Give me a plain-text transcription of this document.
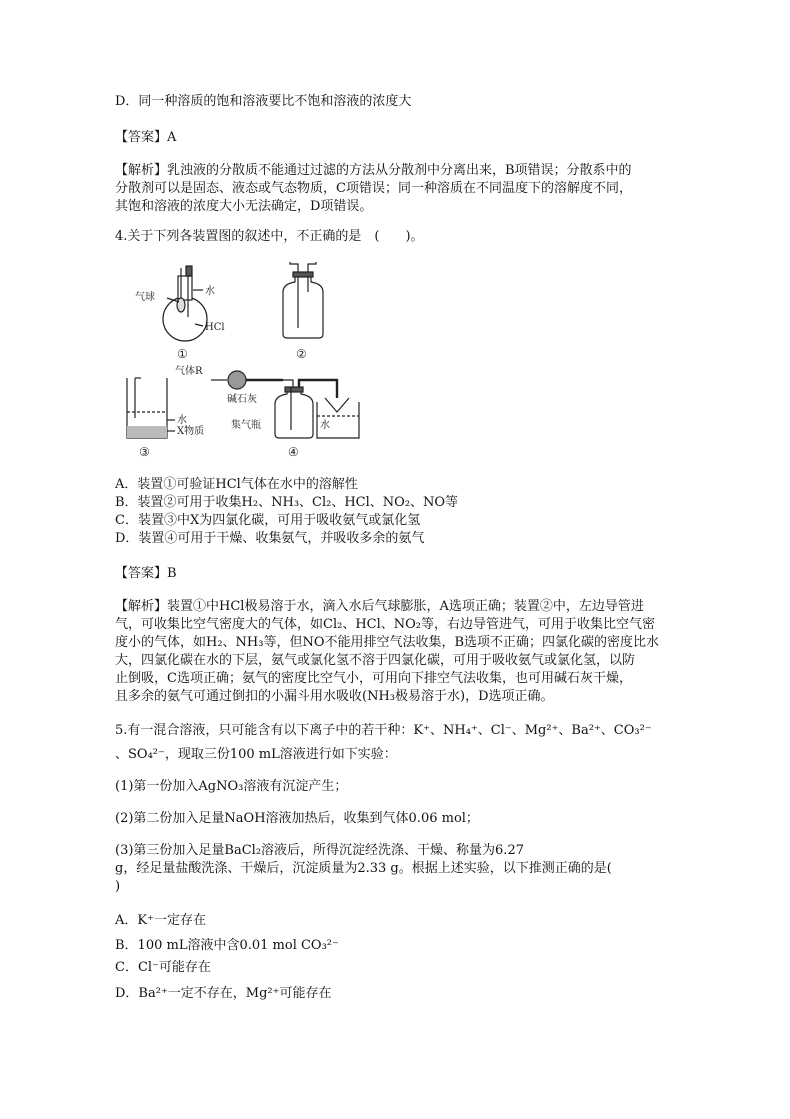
D．同一种溶质的饱和溶液要比不饱和溶液的浓度大
【答案】A
【解析】乳浊液的分散质不能通过过滤的方法从分散剂中分离出来，B项错误；分散系中的
分散剂可以是固态、液态或气态物质，C项错误；同一种溶质在不同温度下的溶解度不同，
其饱和溶液的浓度大小无法确定，D项错误。
4.关于下列各装置图的叙述中，不正确的是　(　　)。
气球
水
HCl
①	②
气体R
碱石灰
水
X物质
集气瓶	水
③	④
A．装置①可验证HCl气体在水中的溶解性
B．装置②可用于收集H₂、NH₃、Cl₂、HCl、NO₂、NO等
C．装置③中X为四氯化碳，可用于吸收氨气或氯化氢
D．装置④可用于干燥、收集氨气，并吸收多余的氨气
【答案】B
【解析】装置①中HCl极易溶于水，滴入水后气球膨胀，A选项正确；装置②中，左边导管进
气，可收集比空气密度大的气体，如Cl₂、HCl、NO₂等，右边导管进气，可用于收集比空气密
度小的气体，如H₂、NH₃等，但NO不能用排空气法收集，B选项不正确；四氯化碳的密度比水
大，四氯化碳在水的下层，氨气或氯化氢不溶于四氯化碳，可用于吸收氨气或氯化氢，以防
止倒吸，C选项正确；氨气的密度比空气小，可用向下排空气法收集，也可用碱石灰干燥，
且多余的氨气可通过倒扣的小漏斗用水吸收(NH₃极易溶于水)，D选项正确。
5.有一混合溶液，只可能含有以下离子中的若干种：K⁺、NH₄⁺、Cl⁻、Mg²⁺、Ba²⁺、CO₃²⁻
、SO₄²⁻，现取三份100 mL溶液进行如下实验：
(1)第一份加入AgNO₃溶液有沉淀产生；
(2)第二份加入足量NaOH溶液加热后，收集到气体0.06 mol；
(3)第三份加入足量BaCl₂溶液后，所得沉淀经洗涤、干燥、称量为6.27
g，经足量盐酸洗涤、干燥后，沉淀质量为2.33 g。根据上述实验，以下推测正确的是(
)
A．K⁺一定存在
B．100 mL溶液中含0.01 mol CO₃²⁻
C．Cl⁻可能存在
D．Ba²⁺一定不存在，Mg²⁺可能存在
